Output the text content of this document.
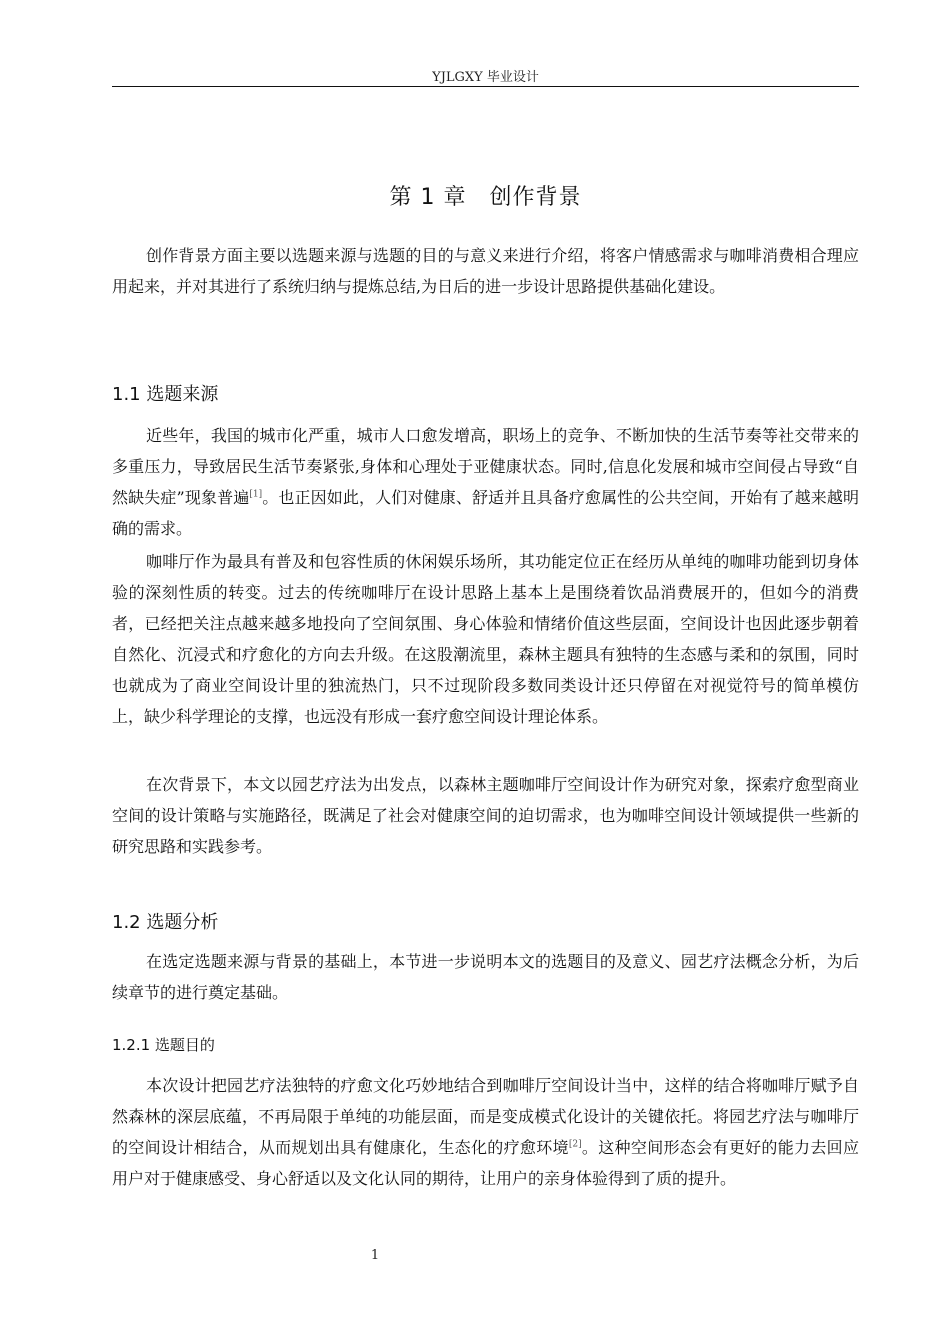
YJLGXY 毕业设计
第 1 章　创作背景

创作背景方面主要以选题来源与选题的目的与意义来进行介绍，将客户情感需求与咖啡消费相合理应用起来，并对其进行了系统归纳与提炼总结,为日后的进一步设计思路提供基础化建设。

1.1 选题来源

近些年，我国的城市化严重，城市人口愈发增高，职场上的竞争、不断加快的生活节奏等社交带来的多重压力，导致居民生活节奏紧张,身体和心理处于亚健康状态。同时,信息化发展和城市空间侵占导致“自然缺失症”现象普遍[1]。也正因如此，人们对健康、舒适并且具备疗愈属性的公共空间，开始有了越来越明确的需求。

咖啡厅作为最具有普及和包容性质的休闲娱乐场所，其功能定位正在经历从单纯的咖啡功能到切身体验的深刻性质的转变。过去的传统咖啡厅在设计思路上基本上是围绕着饮品消费展开的，但如今的消费者，已经把关注点越来越多地投向了空间氛围、身心体验和情绪价值这些层面，空间设计也因此逐步朝着自然化、沉浸式和疗愈化的方向去升级。在这股潮流里，森林主题具有独特的生态感与柔和的氛围，同时也就成为了商业空间设计里的独流热门，只不过现阶段多数同类设计还只停留在对视觉符号的简单模仿上，缺少科学理论的支撑，也远没有形成一套疗愈空间设计理论体系。

在次背景下，本文以园艺疗法为出发点，以森林主题咖啡厅空间设计作为研究对象，探索疗愈型商业空间的设计策略与实施路径，既满足了社会对健康空间的迫切需求，也为咖啡空间设计领域提供一些新的研究思路和实践参考。

1.2 选题分析

在选定选题来源与背景的基础上，本节进一步说明本文的选题目的及意义、园艺疗法概念分析，为后续章节的进行奠定基础。

1.2.1 选题目的

本次设计把园艺疗法独特的疗愈文化巧妙地结合到咖啡厅空间设计当中，这样的结合将咖啡厅赋予自然森林的深层底蕴，不再局限于单纯的功能层面，而是变成模式化设计的关键依托。将园艺疗法与咖啡厅的空间设计相结合，从而规划出具有健康化，生态化的疗愈环境[2]。这种空间形态会有更好的能力去回应用户对于健康感受、身心舒适以及文化认同的期待，让用户的亲身体验得到了质的提升。

1
